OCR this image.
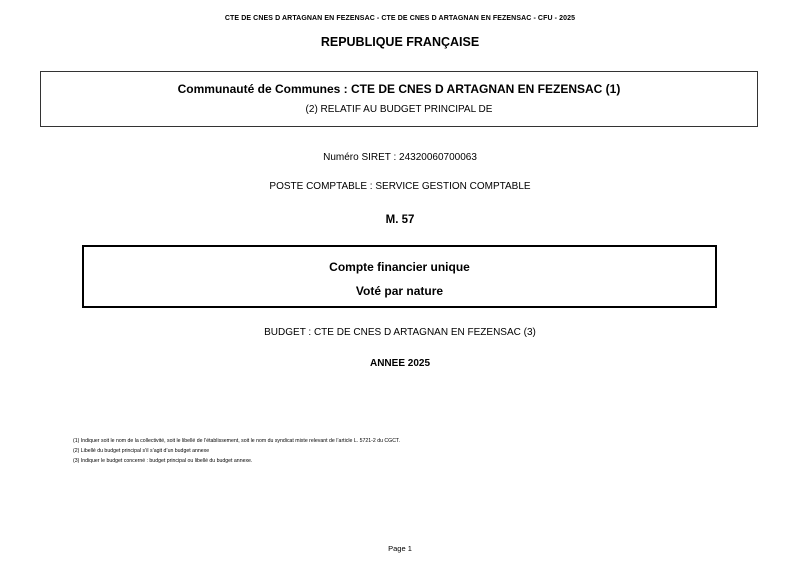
CTE DE CNES D ARTAGNAN EN FEZENSAC - CTE DE CNES D ARTAGNAN EN FEZENSAC - CFU - 2025
REPUBLIQUE FRANÇAISE
Communauté de Communes : CTE DE CNES D ARTAGNAN EN FEZENSAC (1)
(2) RELATIF AU BUDGET PRINCIPAL DE
Numéro SIRET : 24320060700063
POSTE COMPTABLE : SERVICE GESTION COMPTABLE
M. 57
Compte financier unique
Voté par nature
BUDGET : CTE DE CNES D ARTAGNAN EN FEZENSAC (3)
ANNEE 2025
(1) Indiquer soit le nom de la collectivité, soit le libellé de l’établissement, soit le nom du syndicat mixte relevant de l’article L. 5721-2 du CGCT.
(2) Libellé du budget principal s’il s’agit d’un budget annexe
(3) Indiquer le budget concerné : budget principal ou libellé du budget annexe.
Page 1
